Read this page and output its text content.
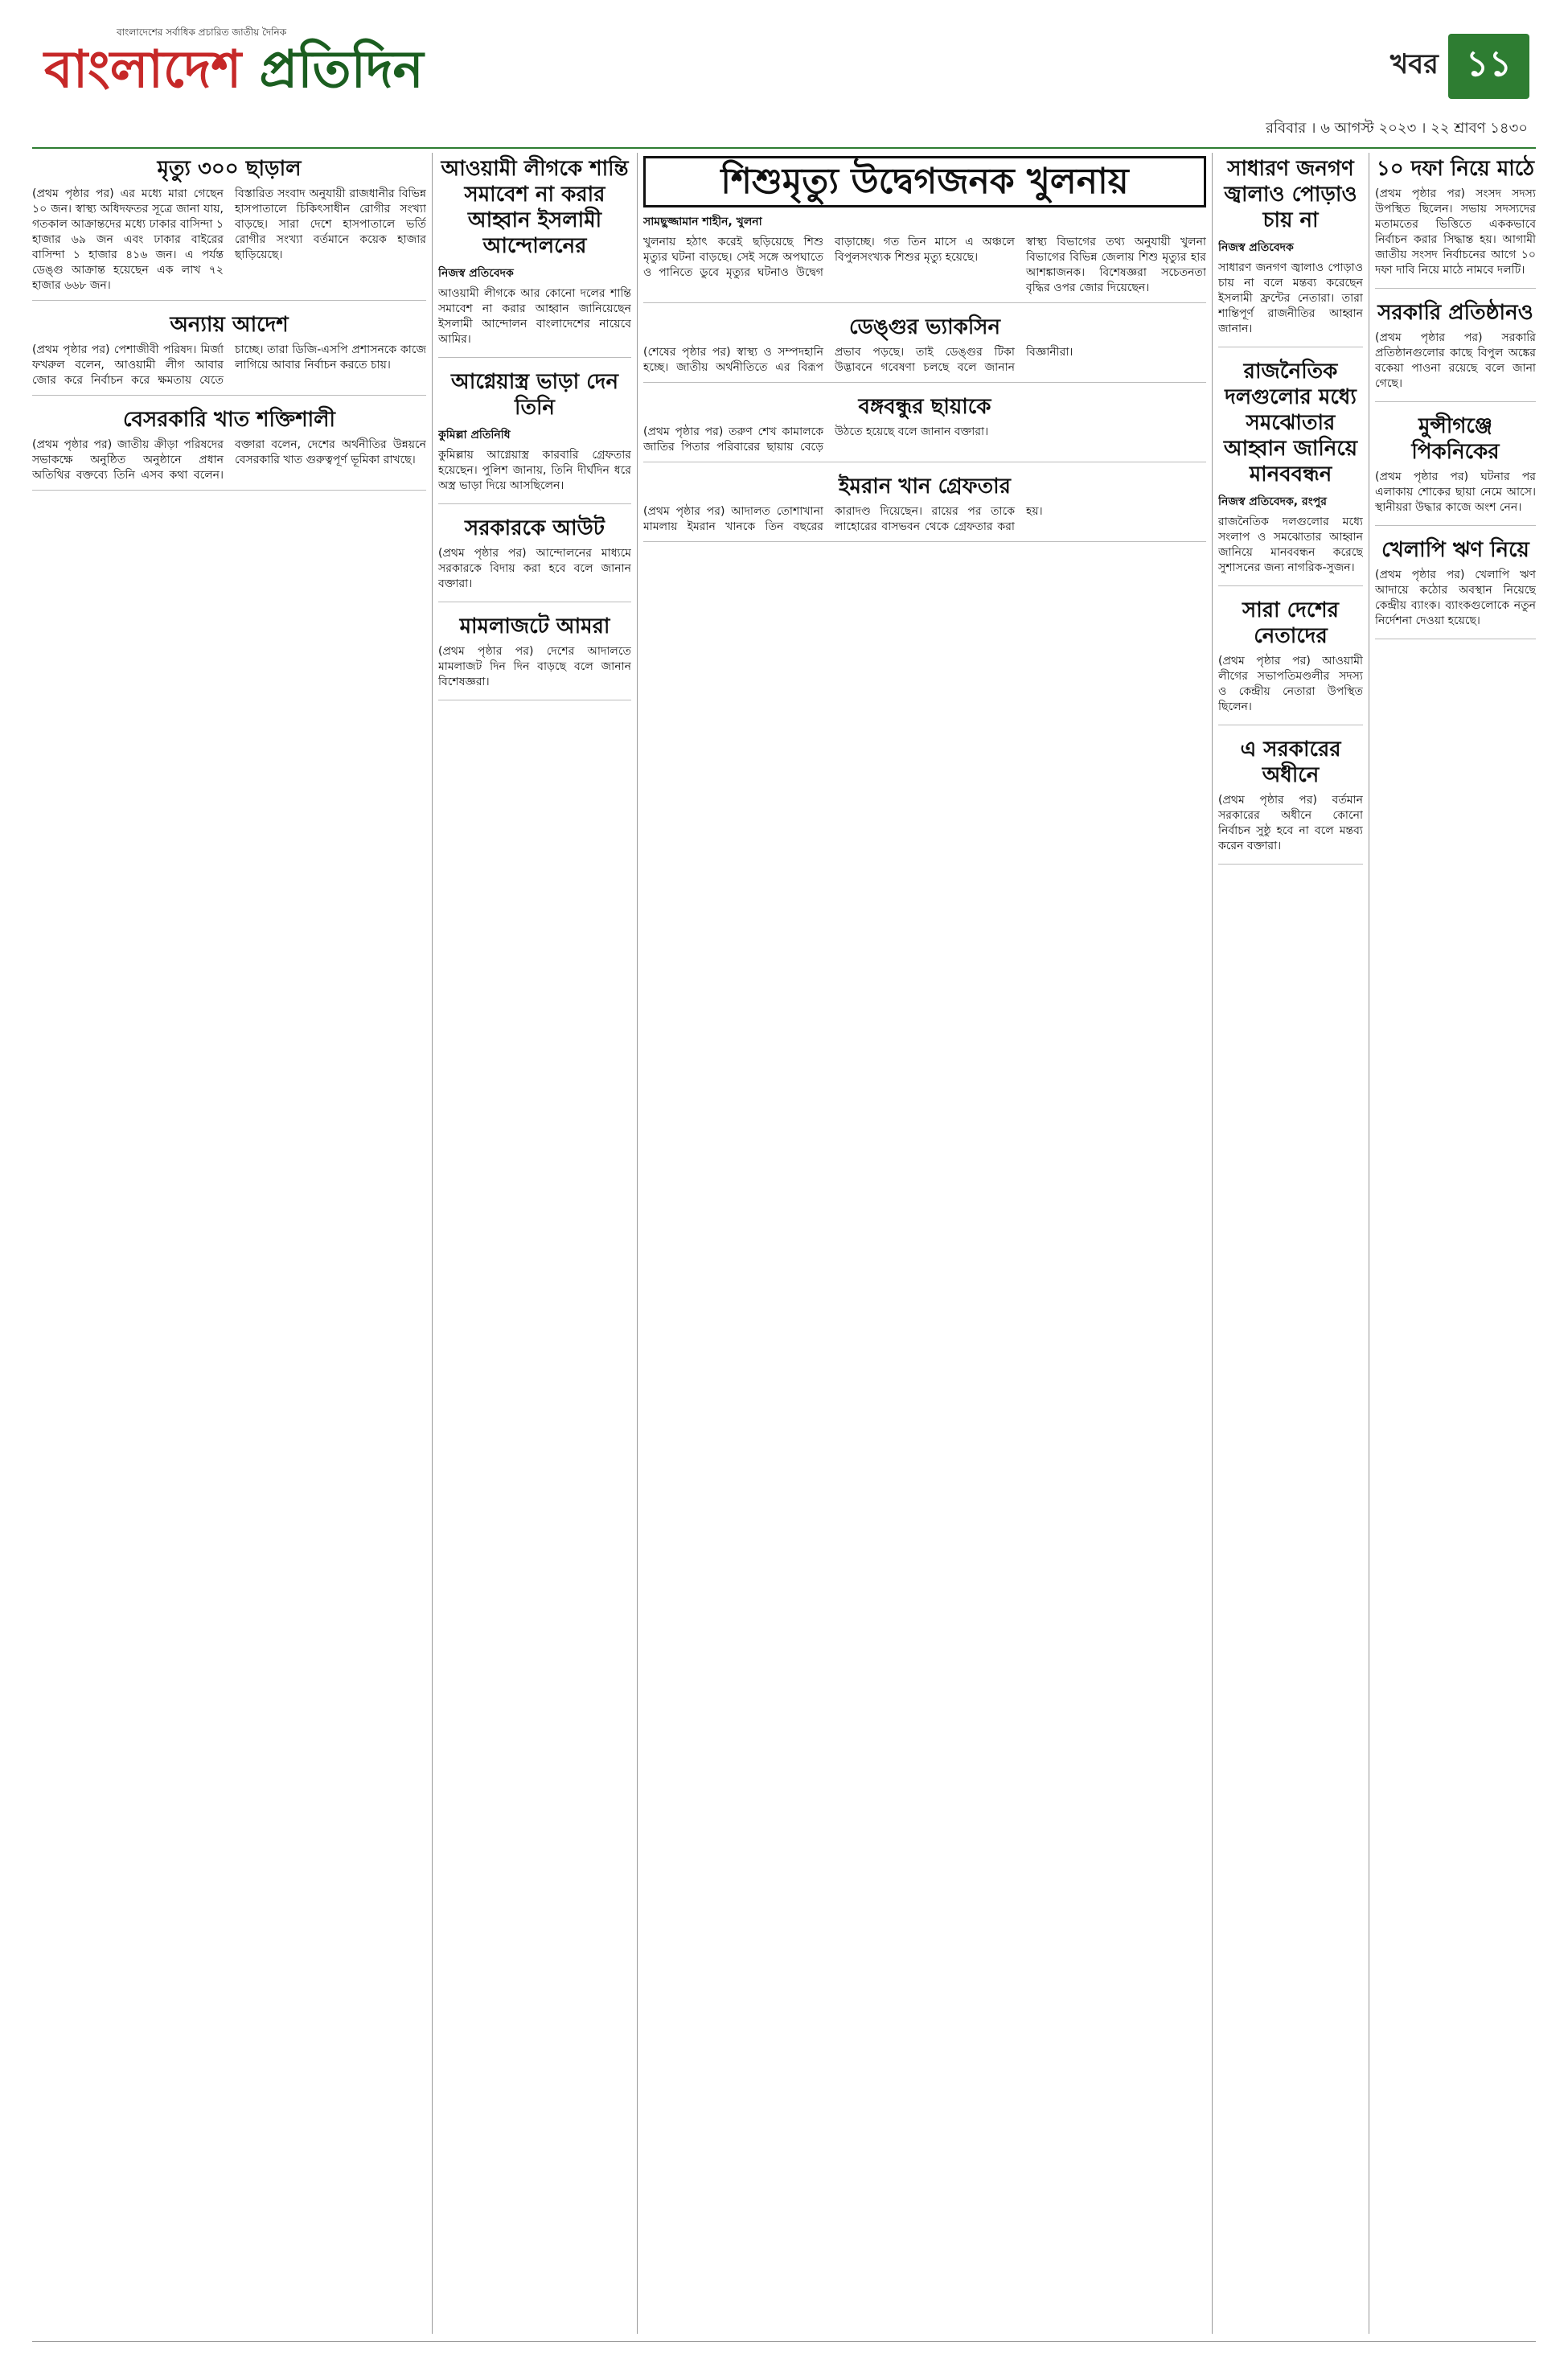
বাংলাদেশের সর্বাধিক প্রচারিত জাতীয় দৈনিক
বাংলাদেশ প্রতিদিন	খবর ১১
রবিবার । ৬ আগস্ট ২০২৩ । ২২ শ্রাবণ ১৪৩০
মৃত্যু ৩০০ ছাড়াল

(প্রথম পৃষ্ঠার পর) এর মধ্যে মারা গেছেন ১০ জন। স্বাস্থ্য অধিদফতর সূত্রে জানা যায়, গতকাল আক্রান্তদের মধ্যে ঢাকার বাসিন্দা ১ হাজার ৬৯ জন এবং ঢাকার বাইরের বাসিন্দা ১ হাজার ৪১৬ জন। এ পর্যন্ত ডেঙ্গু আক্রান্ত হয়েছেন এক লাখ ৭২ হাজার ৬৬৮ জন।

বিস্তারিত সংবাদ অনুযায়ী রাজধানীর বিভিন্ন হাসপাতালে চিকিৎসাধীন রোগীর সংখ্যা বাড়ছে। সারা দেশে হাসপাতালে ভর্তি রোগীর সংখ্যা বর্তমানে কয়েক হাজার ছাড়িয়েছে।

অন্যায় আদেশ

(প্রথম পৃষ্ঠার পর) পেশাজীবী পরিষদ। মির্জা ফখরুল বলেন, আওয়ামী লীগ আবার জোর করে নির্বাচন করে ক্ষমতায় যেতে চাচ্ছে। তারা ডিজি-এসপি প্রশাসনকে কাজে লাগিয়ে আবার নির্বাচন করতে চায়।

বেসরকারি খাত শক্তিশালী

(প্রথম পৃষ্ঠার পর) জাতীয় ক্রীড়া পরিষদের সভাকক্ষে অনুষ্ঠিত অনুষ্ঠানে প্রধান অতিথির বক্তব্যে তিনি এসব কথা বলেন। বক্তারা বলেন, দেশের অর্থনীতির উন্নয়নে বেসরকারি খাত গুরুত্বপূর্ণ ভূমিকা রাখছে।

আওয়ামী লীগকে শান্তি সমাবেশ না করার আহ্বান ইসলামী আন্দোলনের
নিজস্ব প্রতিবেদক

আওয়ামী লীগকে আর কোনো দলের শান্তি সমাবেশ না করার আহ্বান জানিয়েছেন ইসলামী আন্দোলন বাংলাদেশের নায়েবে আমির।

আগ্নেয়াস্ত্র ভাড়া দেন তিনি
কুমিল্লা প্রতিনিধি

কুমিল্লায় আগ্নেয়াস্ত্র কারবারি গ্রেফতার হয়েছেন। পুলিশ জানায়, তিনি দীর্ঘদিন ধরে অস্ত্র ভাড়া দিয়ে আসছিলেন।

সরকারকে আউট

(প্রথম পৃষ্ঠার পর) আন্দোলনের মাধ্যমে সরকারকে বিদায় করা হবে বলে জানান বক্তারা।

মামলাজটে আমরা

(প্রথম পৃষ্ঠার পর) দেশের আদালতে মামলাজট দিন দিন বাড়ছে বলে জানান বিশেষজ্ঞরা।

শিশুমৃত্যু উদ্বেগজনক খুলনায়
সামছুজ্জামান শাহীন, খুলনা

খুলনায় হঠাৎ করেই ছড়িয়েছে শিশু মৃত্যুর ঘটনা বাড়ছে। সেই সঙ্গে অপঘাতে ও পানিতে ডুবে মৃত্যুর ঘটনাও উদ্বেগ বাড়াচ্ছে। গত তিন মাসে এ অঞ্চলে বিপুলসংখ্যক শিশুর মৃত্যু হয়েছে।

স্বাস্থ্য বিভাগের তথ্য অনুযায়ী খুলনা বিভাগের বিভিন্ন জেলায় শিশু মৃত্যুর হার আশঙ্কাজনক। বিশেষজ্ঞরা সচেতনতা বৃদ্ধির ওপর জোর দিয়েছেন।

ডেঙ্গুর ভ্যাকসিন

(শেষের পৃষ্ঠার পর) স্বাস্থ্য ও সম্পদহানি হচ্ছে। জাতীয় অর্থনীতিতে এর বিরূপ প্রভাব পড়ছে। তাই ডেঙ্গুর টিকা উদ্ভাবনে গবেষণা চলছে বলে জানান বিজ্ঞানীরা।

বঙ্গবন্ধুর ছায়াকে

(প্রথম পৃষ্ঠার পর) তরুণ শেখ কামালকে জাতির পিতার পরিবারের ছায়ায় বেড়ে উঠতে হয়েছে বলে জানান বক্তারা।

ইমরান খান গ্রেফতার

(প্রথম পৃষ্ঠার পর) আদালত তোশাখানা মামলায় ইমরান খানকে তিন বছরের কারাদণ্ড দিয়েছেন। রায়ের পর তাকে লাহোরের বাসভবন থেকে গ্রেফতার করা হয়।

সাধারণ জনগণ জ্বালাও পোড়াও চায় না
নিজস্ব প্রতিবেদক

সাধারণ জনগণ জ্বালাও পোড়াও চায় না বলে মন্তব্য করেছেন ইসলামী ফ্রন্টের নেতারা। তারা শান্তিপূর্ণ রাজনীতির আহ্বান জানান।

রাজনৈতিক দলগুলোর মধ্যে সমঝোতার আহ্বান জানিয়ে মানববন্ধন
নিজস্ব প্রতিবেদক, রংপুর

রাজনৈতিক দলগুলোর মধ্যে সংলাপ ও সমঝোতার আহ্বান জানিয়ে মানববন্ধন করেছে সুশাসনের জন্য নাগরিক-সুজন।

সারা দেশের নেতাদের

(প্রথম পৃষ্ঠার পর) আওয়ামী লীগের সভাপতিমণ্ডলীর সদস্য ও কেন্দ্রীয় নেতারা উপস্থিত ছিলেন।

এ সরকারের অধীনে

(প্রথম পৃষ্ঠার পর) বর্তমান সরকারের অধীনে কোনো নির্বাচন সুষ্ঠু হবে না বলে মন্তব্য করেন বক্তারা।

১০ দফা নিয়ে মাঠে

(প্রথম পৃষ্ঠার পর) সংসদ সদস্য উপস্থিত ছিলেন। সভায় সদস্যদের মতামতের ভিত্তিতে এককভাবে নির্বাচন করার সিদ্ধান্ত হয়। আগামী জাতীয় সংসদ নির্বাচনের আগে ১০ দফা দাবি নিয়ে মাঠে নামবে দলটি।

সরকারি প্রতিষ্ঠানও

(প্রথম পৃষ্ঠার পর) সরকারি প্রতিষ্ঠানগুলোর কাছে বিপুল অঙ্কের বকেয়া পাওনা রয়েছে বলে জানা গেছে।

মুন্সীগঞ্জে পিকনিকের

(প্রথম পৃষ্ঠার পর) ঘটনার পর এলাকায় শোকের ছায়া নেমে আসে। স্থানীয়রা উদ্ধার কাজে অংশ নেন।

খেলাপি ঋণ নিয়ে

(প্রথম পৃষ্ঠার পর) খেলাপি ঋণ আদায়ে কঠোর অবস্থান নিয়েছে কেন্দ্রীয় ব্যাংক। ব্যাংকগুলোকে নতুন নির্দেশনা দেওয়া হয়েছে।
